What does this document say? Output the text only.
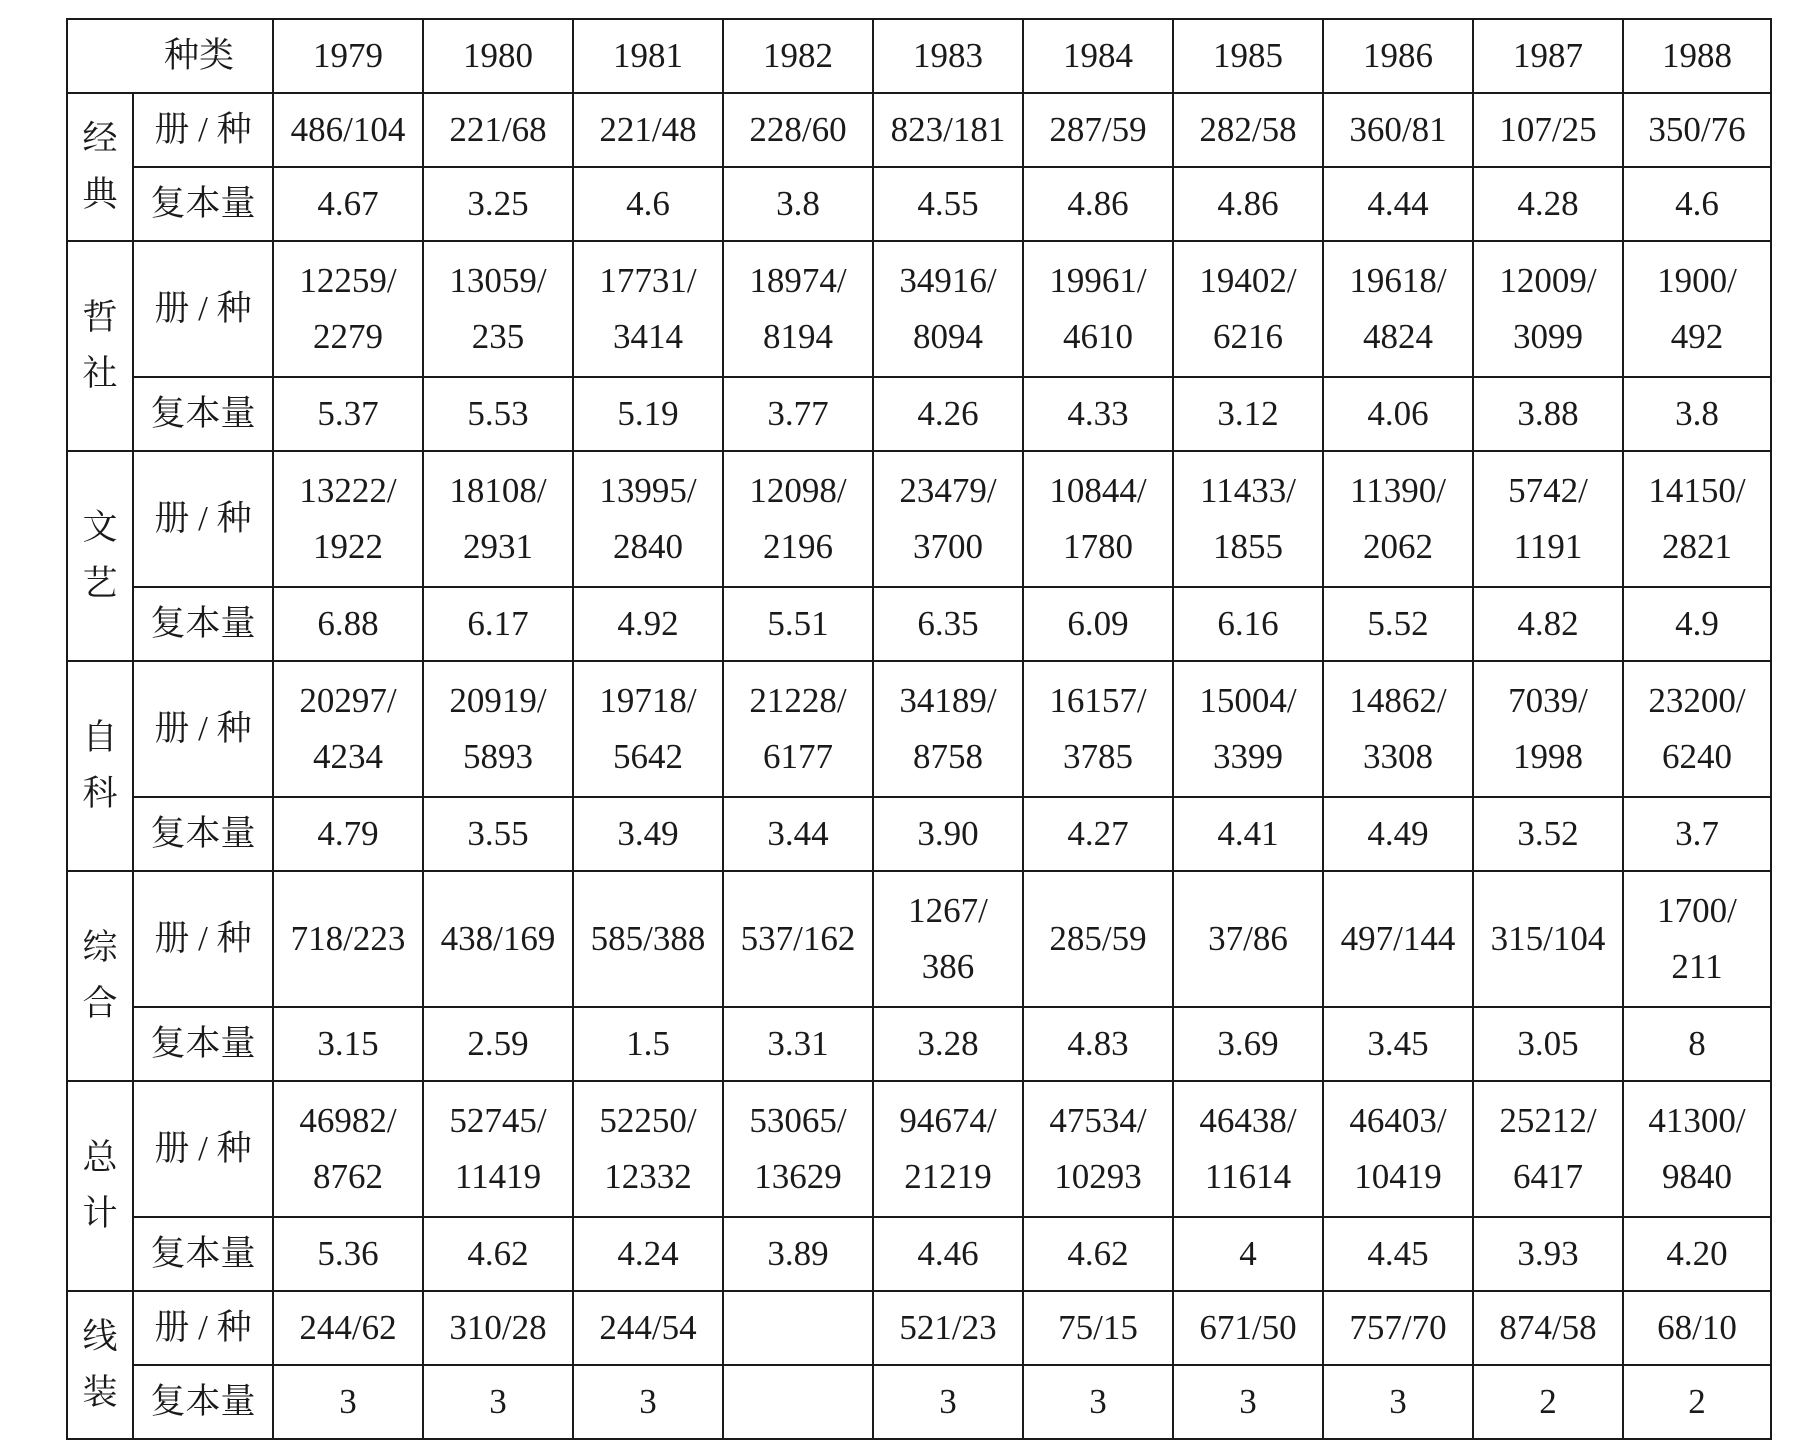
种类		1979	1980	1981	1982	1983	1984	1985	1986	1987	1988

经
典	册 / 种	486/104	221/68	221/48	228/60	823/181	287/59	282/58	360/81	107/25	350/76

	复本量	4.67	3.25	4.6	3.8	4.55	4.86	4.86	4.44	4.28	4.6

哲
社	册 / 种	12259/
2279	13059/
235	17731/
3414	18974/
8194	34916/
8094	19961/
4610	19402/
6216	19618/
4824	12009/
3099	1900/
492

	复本量	5.37	5.53	5.19	3.77	4.26	4.33	3.12	4.06	3.88	3.8

文
艺	册 / 种	13222/
1922	18108/
2931	13995/
2840	12098/
2196	23479/
3700	10844/
1780	11433/
1855	11390/
2062	5742/
1191	14150/
2821

	复本量	6.88	6.17	4.92	5.51	6.35	6.09	6.16	5.52	4.82	4.9

自
科	册 / 种	20297/
4234	20919/
5893	19718/
5642	21228/
6177	34189/
8758	16157/
3785	15004/
3399	14862/
3308	7039/
1998	23200/
6240

	复本量	4.79	3.55	3.49	3.44	3.90	4.27	4.41	4.49	3.52	3.7

综
合	册 / 种	718/223	438/169	585/388	537/162	1267/
386	285/59	37/86	497/144	315/104	1700/
211

	复本量	3.15	2.59	1.5	3.31	3.28	4.83	3.69	3.45	3.05	8

总
计	册 / 种	46982/
8762	52745/
11419	52250/
12332	53065/
13629	94674/
21219	47534/
10293	46438/
11614	46403/
10419	25212/
6417	41300/
9840

	复本量	5.36	4.62	4.24	3.89	4.46	4.62	4	4.45	3.93	4.20

线
装	册 / 种	244/62	310/28	244/54		521/23	75/15	671/50	757/70	874/58	68/10

	复本量	3	3	3		3	3	3	3	2	2
